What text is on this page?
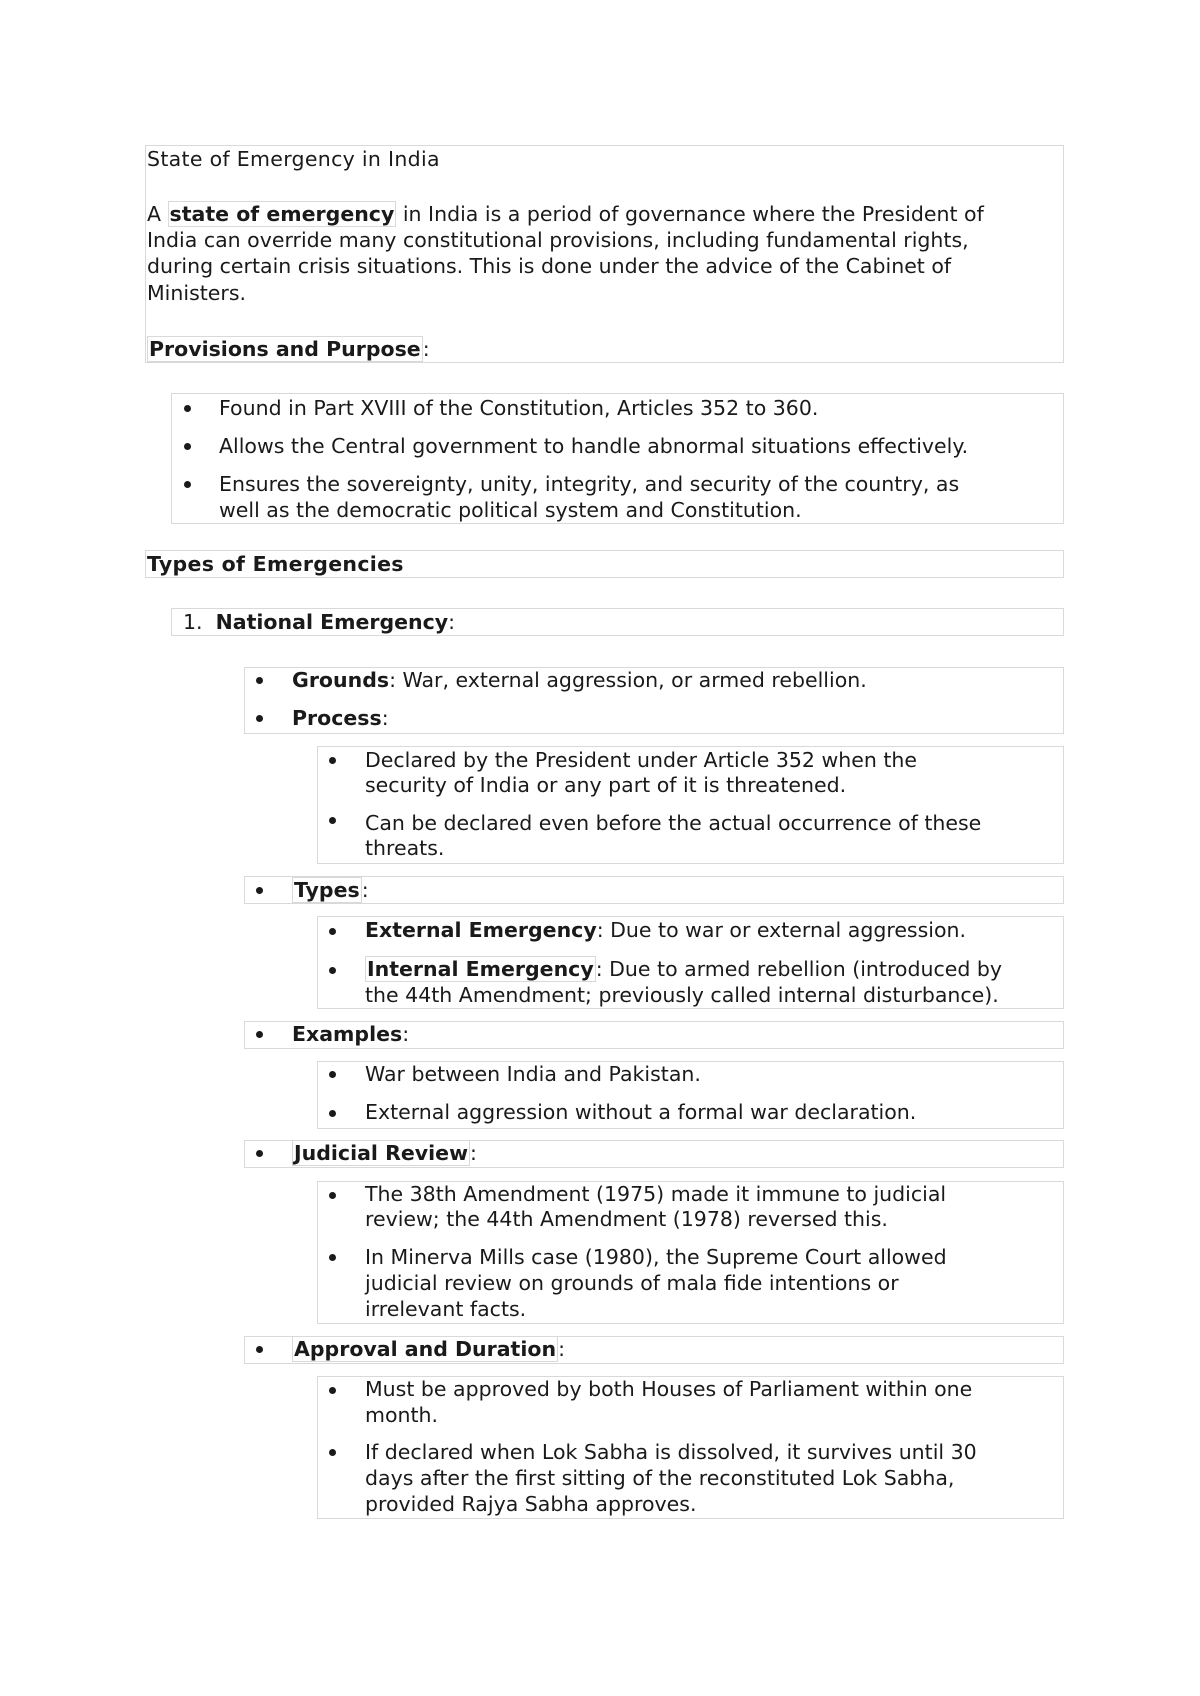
State of Emergency in India
A state of emergency in India is a period of governance where the President of
India can override many constitutional provisions, including fundamental rights,
during certain crisis situations. This is done under the advice of the Cabinet of
Ministers.
Provisions and Purpose:
Found in Part XVIII of the Constitution, Articles 352 to 360.
Allows the Central government to handle abnormal situations effectively.
Ensures the sovereignty, unity, integrity, and security of the country, as
well as the democratic political system and Constitution.
Types of Emergencies
1. National Emergency:
Grounds: War, external aggression, or armed rebellion.
Process:
Declared by the President under Article 352 when the
security of India or any part of it is threatened.
Can be declared even before the actual occurrence of these
threats.
Types:
External Emergency: Due to war or external aggression.
Internal Emergency: Due to armed rebellion (introduced by
the 44th Amendment; previously called internal disturbance).
Examples:
War between India and Pakistan.
External aggression without a formal war declaration.
Judicial Review:
The 38th Amendment (1975) made it immune to judicial
review; the 44th Amendment (1978) reversed this.
In Minerva Mills case (1980), the Supreme Court allowed
judicial review on grounds of mala fide intentions or
irrelevant facts.
Approval and Duration:
Must be approved by both Houses of Parliament within one
month.
If declared when Lok Sabha is dissolved, it survives until 30
days after the first sitting of the reconstituted Lok Sabha,
provided Rajya Sabha approves.
